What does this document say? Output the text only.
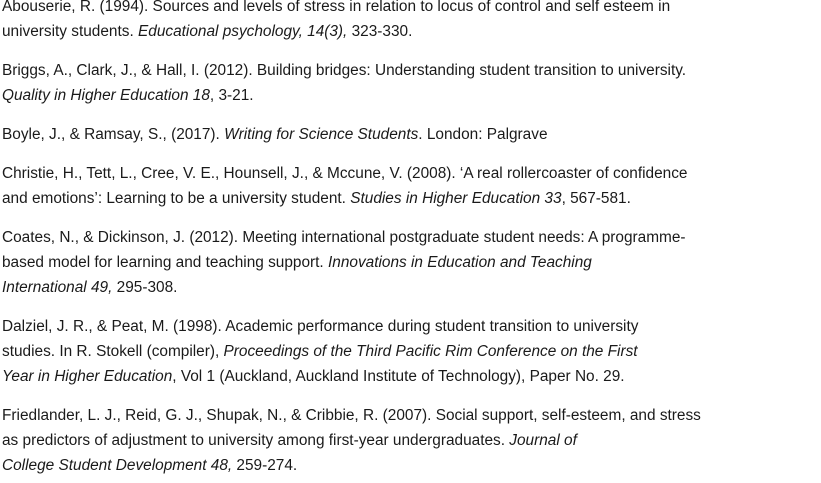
Abouserie, R. (1994). Sources and levels of stress in relation to locus of control and self esteem in
university students. Educational psychology, 14(3), 323-330.

Briggs, A., Clark, J., & Hall, I. (2012). Building bridges: Understanding student transition to university.
Quality in Higher Education 18, 3-21.

Boyle, J., & Ramsay, S., (2017). Writing for Science Students. London: Palgrave

Christie, H., Tett, L., Cree, V. E., Hounsell, J., & Mccune, V. (2008). ‘A real rollercoaster of confidence
and emotions’: Learning to be a university student. Studies in Higher Education 33, 567-581.

Coates, N., & Dickinson, J. (2012). Meeting international postgraduate student needs: A programme-
based model for learning and teaching support. Innovations in Education and Teaching
International 49, 295-308.

Dalziel, J. R., & Peat, M. (1998). Academic performance during student transition to university
studies. In R. Stokell (compiler), Proceedings of the Third Pacific Rim Conference on the First
Year in Higher Education, Vol 1 (Auckland, Auckland Institute of Technology), Paper No. 29.

Friedlander, L. J., Reid, G. J., Shupak, N., & Cribbie, R. (2007). Social support, self-esteem, and stress
as predictors of adjustment to university among first-year undergraduates. Journal of
College Student Development 48, 259-274.
